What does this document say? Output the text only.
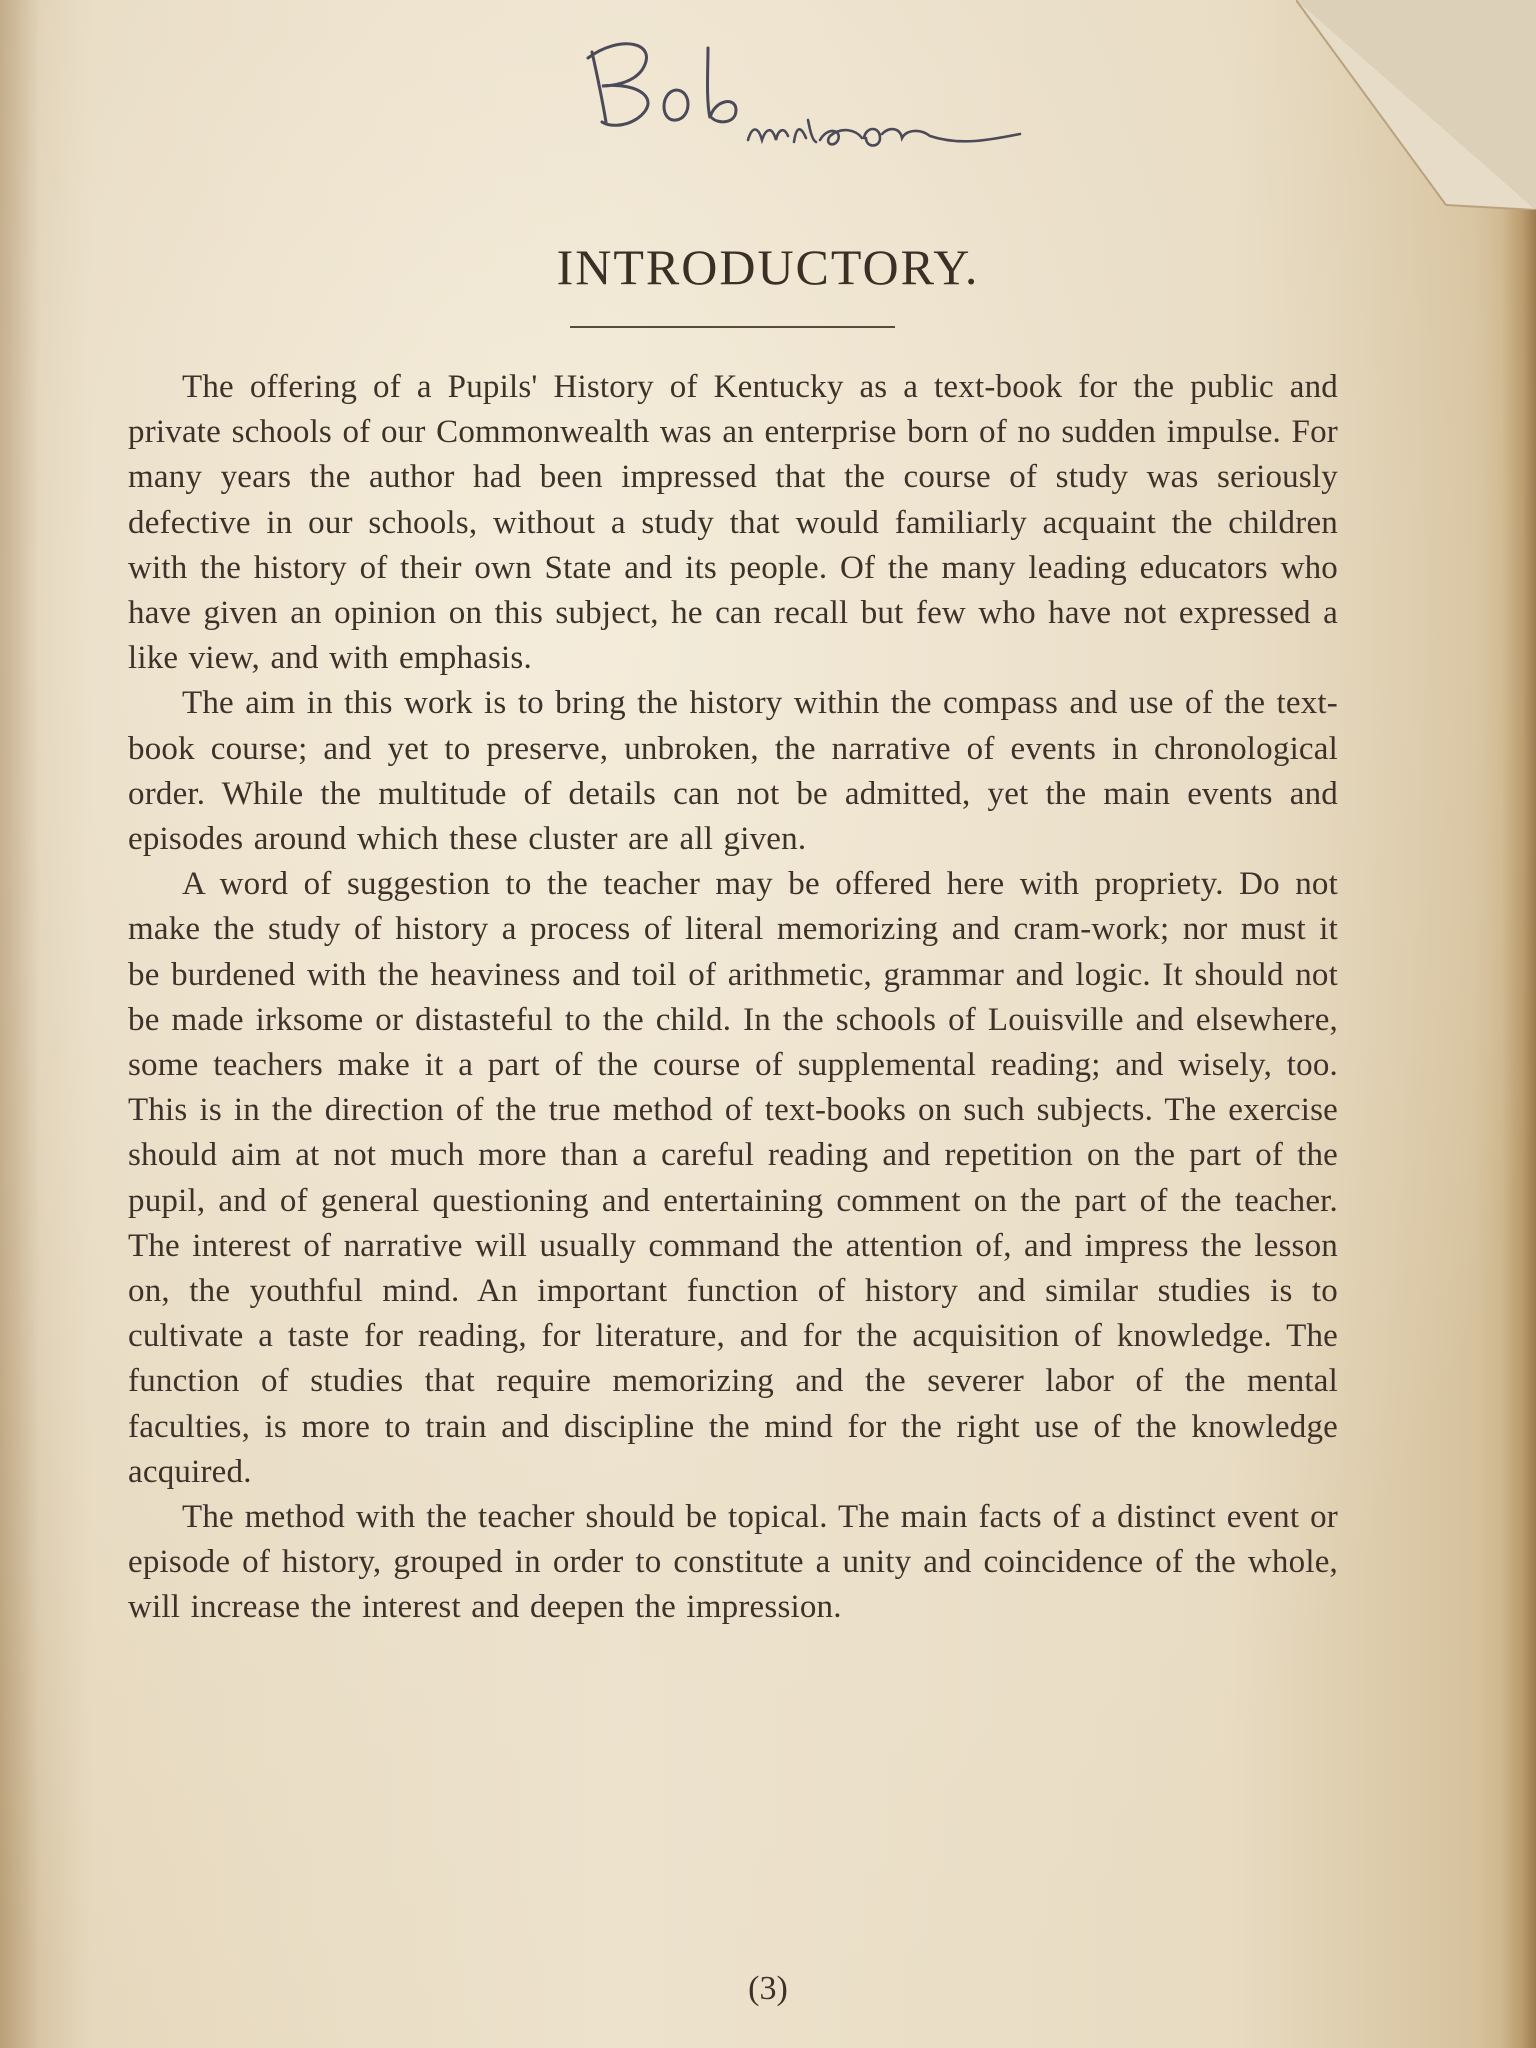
INTRODUCTORY.

The offering of a Pupils' History of Kentucky as a text-book for the public and private schools of our Commonwealth was an enterprise born of no sudden impulse. For many years the author had been impressed that the course of study was seriously defective in our schools, without a study that would familiarly acquaint the children with the history of their own State and its people. Of the many leading educators who have given an opinion on this subject, he can recall but few who have not expressed a like view, and with emphasis.

The aim in this work is to bring the history within the compass and use of the text-book course; and yet to preserve, unbroken, the narrative of events in chronological order. While the multitude of details can not be admitted, yet the main events and episodes around which these cluster are all given.

A word of suggestion to the teacher may be offered here with propriety. Do not make the study of history a process of literal memorizing and cram-work; nor must it be burdened with the heaviness and toil of arithmetic, grammar and logic. It should not be made irksome or distasteful to the child. In the schools of Louisville and elsewhere, some teachers make it a part of the course of supplemental reading; and wisely, too. This is in the direction of the true method of text-books on such subjects. The exercise should aim at not much more than a careful reading and repetition on the part of the pupil, and of general questioning and entertaining comment on the part of the teacher. The interest of narrative will usually command the attention of, and impress the lesson on, the youthful mind. An important function of history and similar studies is to cultivate a taste for reading, for literature, and for the acquisition of knowledge. The function of studies that require memorizing and the severer labor of the mental faculties, is more to train and discipline the mind for the right use of the knowledge acquired.

The method with the teacher should be topical. The main facts of a distinct event or episode of history, grouped in order to constitute a unity and coincidence of the whole, will increase the interest and deepen the impression.

(3)
